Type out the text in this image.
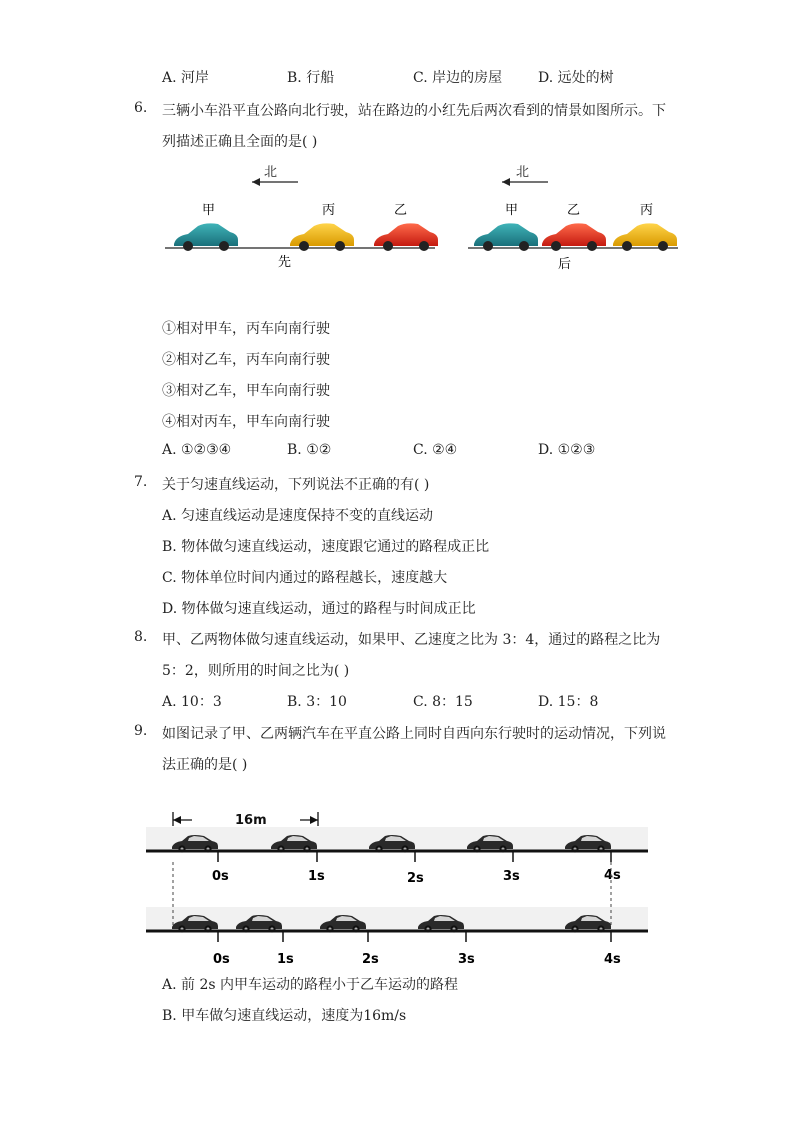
A. 河岸	B. 行船	C. 岸边的房屋	D. 远处的树
6. 三辆小车沿平直公路向北行驶，站在路边的小红先后两次看到的情景如图所示。下
列描述正确且全面的是( )
北	北
甲	丙	乙	甲	乙	丙
先	后
①相对甲车，丙车向南行驶
②相对乙车，丙车向南行驶
③相对乙车，甲车向南行驶
④相对丙车，甲车向南行驶
A. ①②③④	B. ①②	C. ②④	D. ①②③
7. 关于匀速直线运动，下列说法不正确的有( )
A. 匀速直线运动是速度保持不变的直线运动
B. 物体做匀速直线运动，速度跟它通过的路程成正比
C. 物体单位时间内通过的路程越长，速度越大
D. 物体做匀速直线运动，通过的路程与时间成正比
8. 甲、乙两物体做匀速直线运动，如果甲、乙速度之比为 3：4，通过的路程之比为
5：2，则所用的时间之比为( )
A. 10：3	B. 3：10	C. 8：15	D. 15：8
9. 如图记录了甲、乙两辆汽车在平直公路上同时自西向东行驶时的运动情况，下列说
法正确的是( )
16m
0s	1s	2s	3s	4s
0s	1s	2s	3s	4s
A. 前 2s 内甲车运动的路程小于乙车运动的路程
B. 甲车做匀速直线运动，速度为16m/s
